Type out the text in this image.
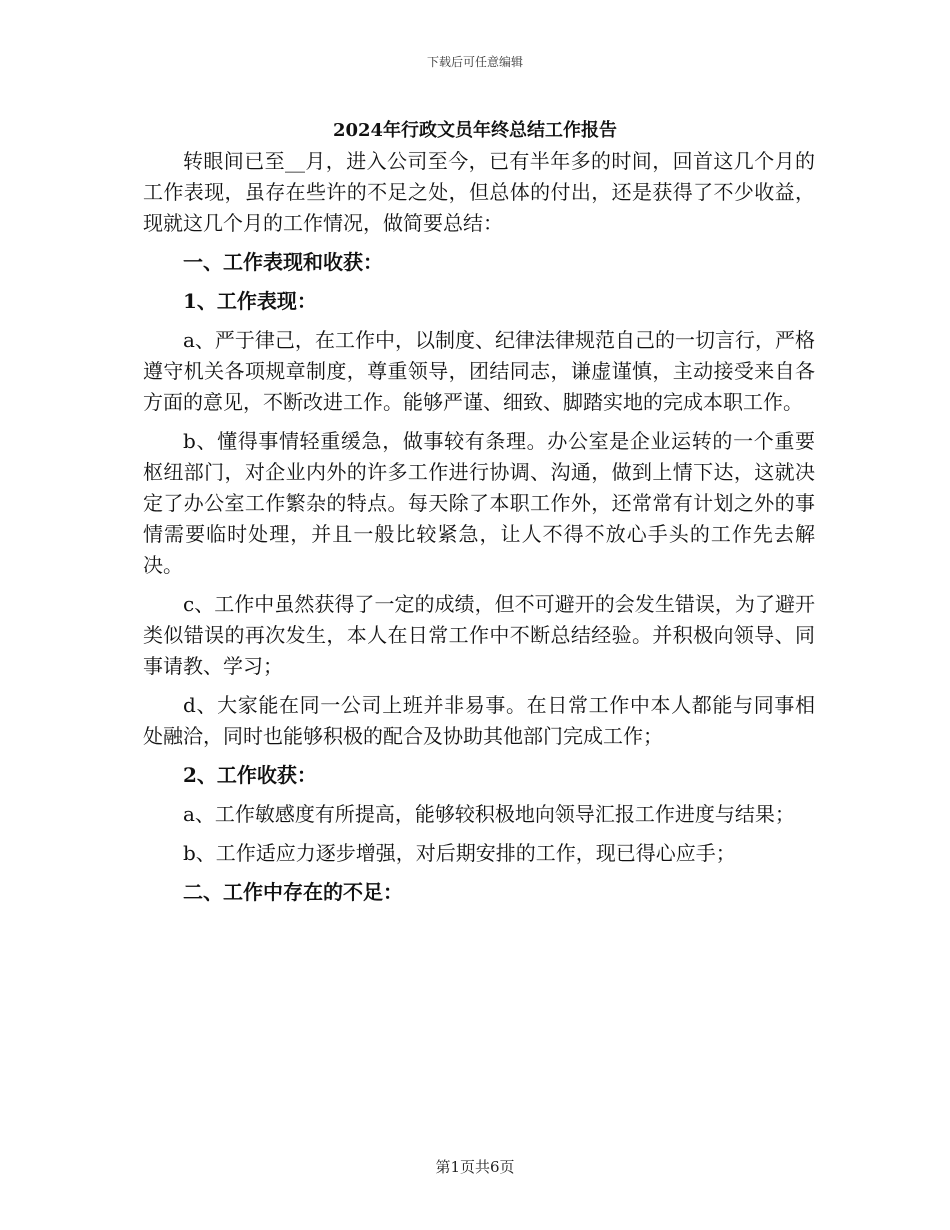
下载后可任意编辑
2024年行政文员年终总结工作报告

转眼间已至__月，进入公司至今，已有半年多的时间，回首这几个月的工作表现，虽存在些许的不足之处，但总体的付出，还是获得了不少收益，现就这几个月的工作情况，做简要总结：

一、工作表现和收获：

1、工作表现：

a、严于律己，在工作中，以制度、纪律法律规范自己的一切言行，严格遵守机关各项规章制度，尊重领导，团结同志，谦虚谨慎，主动接受来自各方面的意见，不断改进工作。能够严谨、细致、脚踏实地的完成本职工作。

b、懂得事情轻重缓急，做事较有条理。办公室是企业运转的一个重要枢纽部门，对企业内外的许多工作进行协调、沟通，做到上情下达，这就决定了办公室工作繁杂的特点。每天除了本职工作外，还常常有计划之外的事情需要临时处理，并且一般比较紧急，让人不得不放心手头的工作先去解决。

c、工作中虽然获得了一定的成绩，但不可避开的会发生错误，为了避开类似错误的再次发生，本人在日常工作中不断总结经验。并积极向领导、同事请教、学习；

d、大家能在同一公司上班并非易事。在日常工作中本人都能与同事相处融洽，同时也能够积极的配合及协助其他部门完成工作；

2、工作收获：

a、工作敏感度有所提高，能够较积极地向领导汇报工作进度与结果；

b、工作适应力逐步增强，对后期安排的工作，现已得心应手；

二、工作中存在的不足：

第1页共6页
